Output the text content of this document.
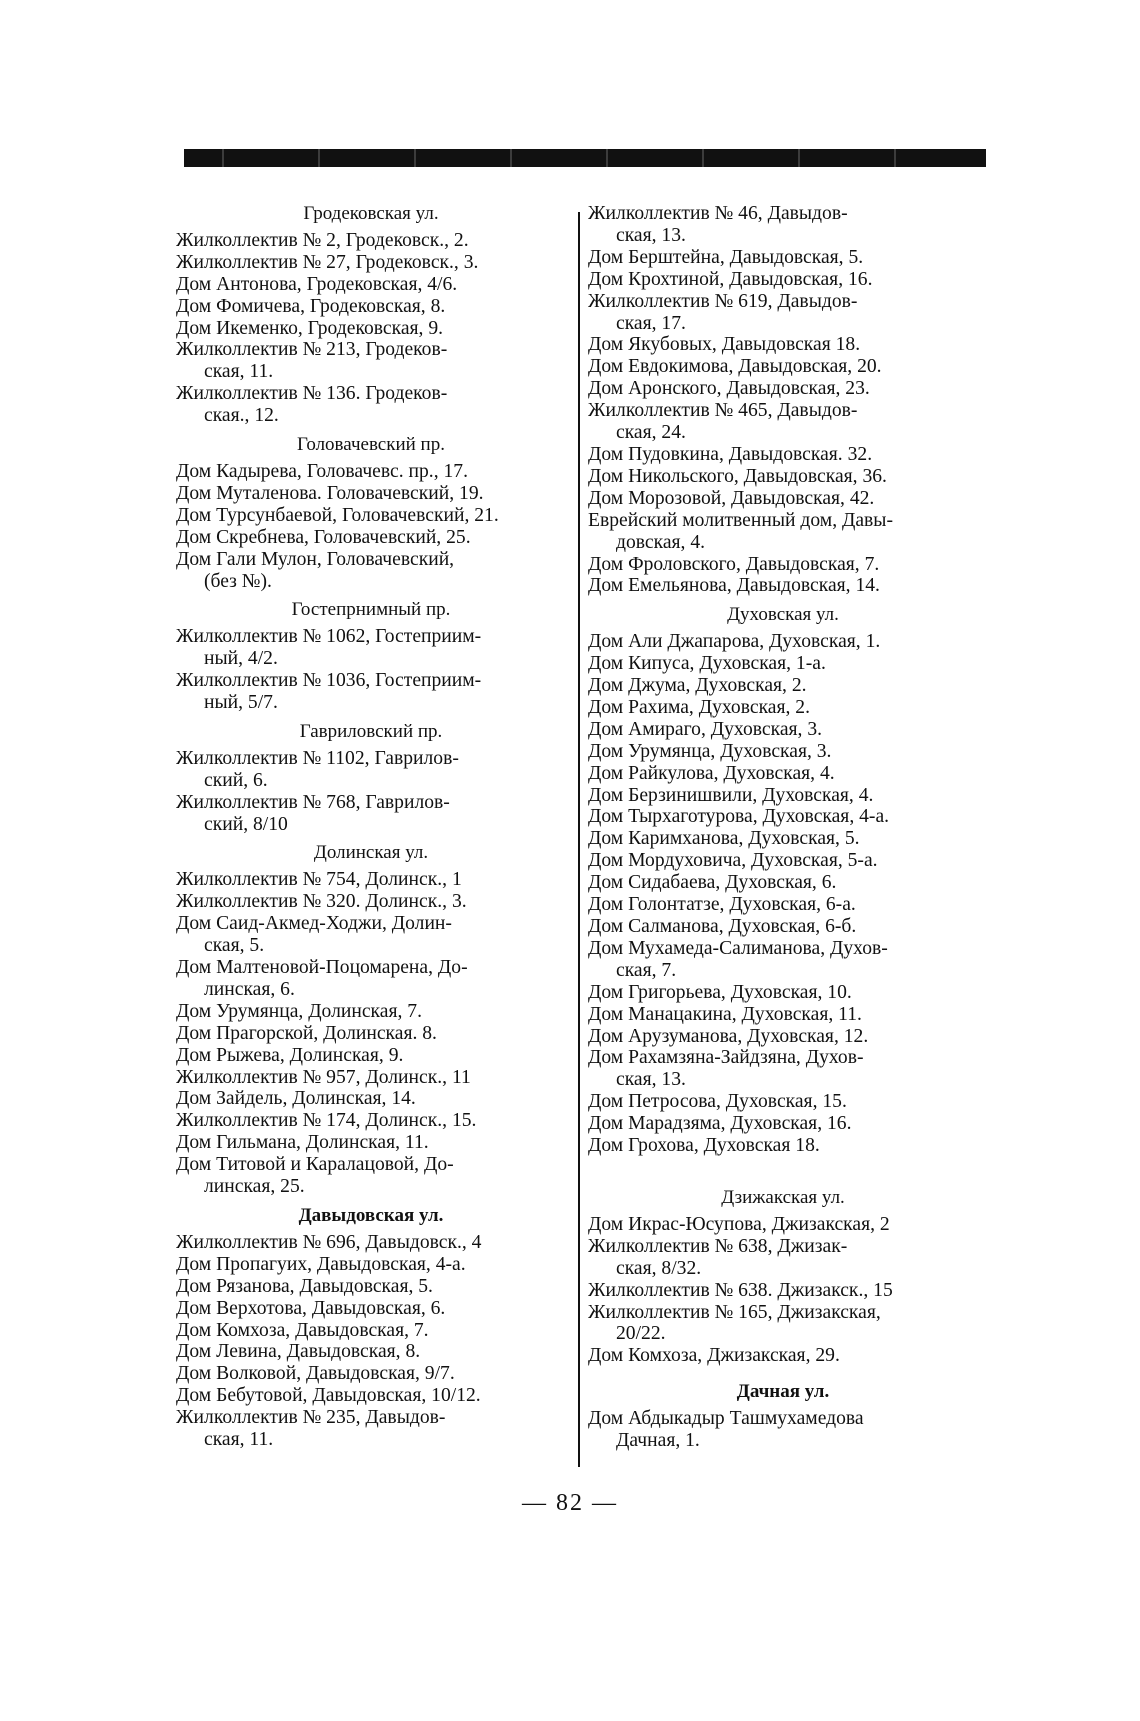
Гродековская ул.
Жилколлектив № 2, Гродековск., 2.
Жилколлектив № 27, Гродековск., 3.
Дом Антонова, Гродековская, 4/6.
Дом Фомичева, Гродековская, 8.
Дом Икеменко, Гродековская, 9.
Жилколлектив № 213, Гродеков-
ская, 11.
Жилколлектив № 136. Гродеков-
ская., 12.
Головачевский пр.
Дом Кадырева, Головачевс. пр., 17.
Дом Муталенова. Головачевский, 19.
Дом Турсунбаевой, Головачевский, 21.
Дом Скребнева, Головачевский, 25.
Дом Гали Мулон, Головачевский,
(без №).
Гостепрнимный пр.
Жилколлектив № 1062, Гостеприим-
ный, 4/2.
Жилколлектив № 1036, Гостеприим-
ный, 5/7.
Гавриловский пр.
Жилколлектив № 1102, Гаврилов-
ский, 6.
Жилколлектив № 768, Гаврилов-
ский, 8/10
Долинская ул.
Жилколлектив № 754, Долинск., 1
Жилколлектив № 320. Долинск., 3.
Дом Саид-Акмед-Ходжи, Долин-
ская, 5.
Дом Малтеновой-Поцомарена, До-
линская, 6.
Дом Урумянца, Долинская, 7.
Дом Прагорской, Долинская. 8.
Дом Рыжева, Долинская, 9.
Жилколлектив № 957, Долинск., 11
Дом Зайдель, Долинская, 14.
Жилколлектив № 174, Долинск., 15.
Дом Гильмана, Долинская, 11.
Дом Титовой и Каралацовой, До-
линская, 25.
Давыдовская ул.
Жилколлектив № 696, Давыдовск., 4
Дом Пропагуих, Давыдовская, 4-а.
Дом Рязанова, Давыдовская, 5.
Дом Верхотова, Давыдовская, 6.
Дом Комхоза, Давыдовская, 7.
Дом Левина, Давыдовская, 8.
Дом Волковой, Давыдовская, 9/7.
Дом Бебутовой, Давыдовская, 10/12.
Жилколлектив № 235, Давыдов-
ская, 11.
Жилколлектив № 46, Давыдов-
ская, 13.
Дом Берштейна, Давыдовская, 5.
Дом Крохтиной, Давыдовская, 16.
Жилколлектив № 619, Давыдов-
ская, 17.
Дом Якубовых, Давыдовская 18.
Дом Евдокимова, Давыдовская, 20.
Дом Аронского, Давыдовская, 23.
Жилколлектив № 465, Давыдов-
ская, 24.
Дом Пудовкина, Давыдовская. 32.
Дом Никольского, Давыдовская, 36.
Дом Морозовой, Давыдовская, 42.
Еврейский молитвенный дом, Давы-
довская, 4.
Дом Фроловского, Давыдовская, 7.
Дом Емельянова, Давыдовская, 14.
Духовская ул.
Дом Али Джапарова, Духовская, 1.
Дом Кипуса, Духовская, 1-а.
Дом Джума, Духовская, 2.
Дом Рахима, Духовская, 2.
Дом Амираго, Духовская, 3.
Дом Урумянца, Духовская, 3.
Дом Райкулова, Духовская, 4.
Дом Берзинишвили, Духовская, 4.
Дом Тырхаготурова, Духовская, 4-а.
Дом Каримханова, Духовская, 5.
Дом Мордуховича, Духовская, 5-а.
Дом Сидабаева, Духовская, 6.
Дом Голонтатзе, Духовская, 6-а.
Дом Салманова, Духовская, 6-б.
Дом Мухамеда-Салиманова, Духов-
ская, 7.
Дом Григорьева, Духовская, 10.
Дом Манацакина, Духовская, 11.
Дом Арузуманова, Духовская, 12.
Дом Рахамзяна-Зайдзяна, Духов-
ская, 13.
Дом Петросова, Духовская, 15.
Дом Марадзяма, Духовская, 16.
Дом Грохова, Духовская 18.
Дзижакская ул.
Дом Икрас-Юсупова, Джизакская, 2
Жилколлектив № 638, Джизак-
ская, 8/32.
Жилколлектив № 638. Джизакск., 15
Жилколлектив № 165, Джизакская,
20/22.
Дом Комхоза, Джизакская, 29.
Дачная ул.
Дом Абдыкадыр Ташмухамедова
Дачная, 1.
— 82 —
